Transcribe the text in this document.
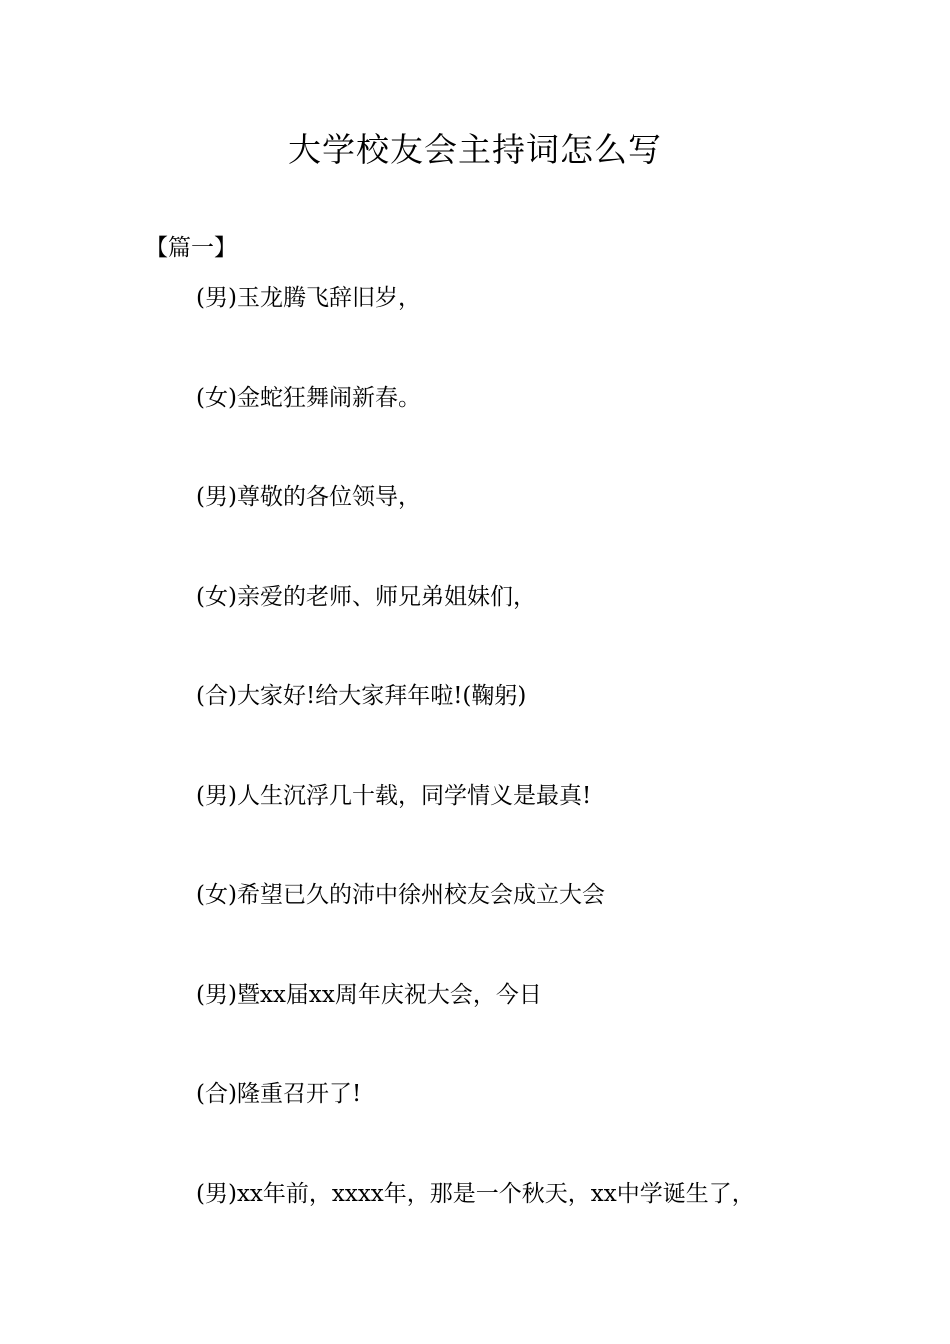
大学校友会主持词怎么写

【篇一】

(男)玉龙腾飞辞旧岁，
(女)金蛇狂舞闹新春。
(男)尊敬的各位领导，
(女)亲爱的老师、师兄弟姐妹们，
(合)大家好!给大家拜年啦!(鞠躬)
(男)人生沉浮几十载，同学情义是最真!
(女)希望已久的沛中徐州校友会成立大会
(男)暨xx届xx周年庆祝大会，今日
(合)隆重召开了!
(男)xx年前，xxxx年，那是一个秋天，xx中学诞生了，
